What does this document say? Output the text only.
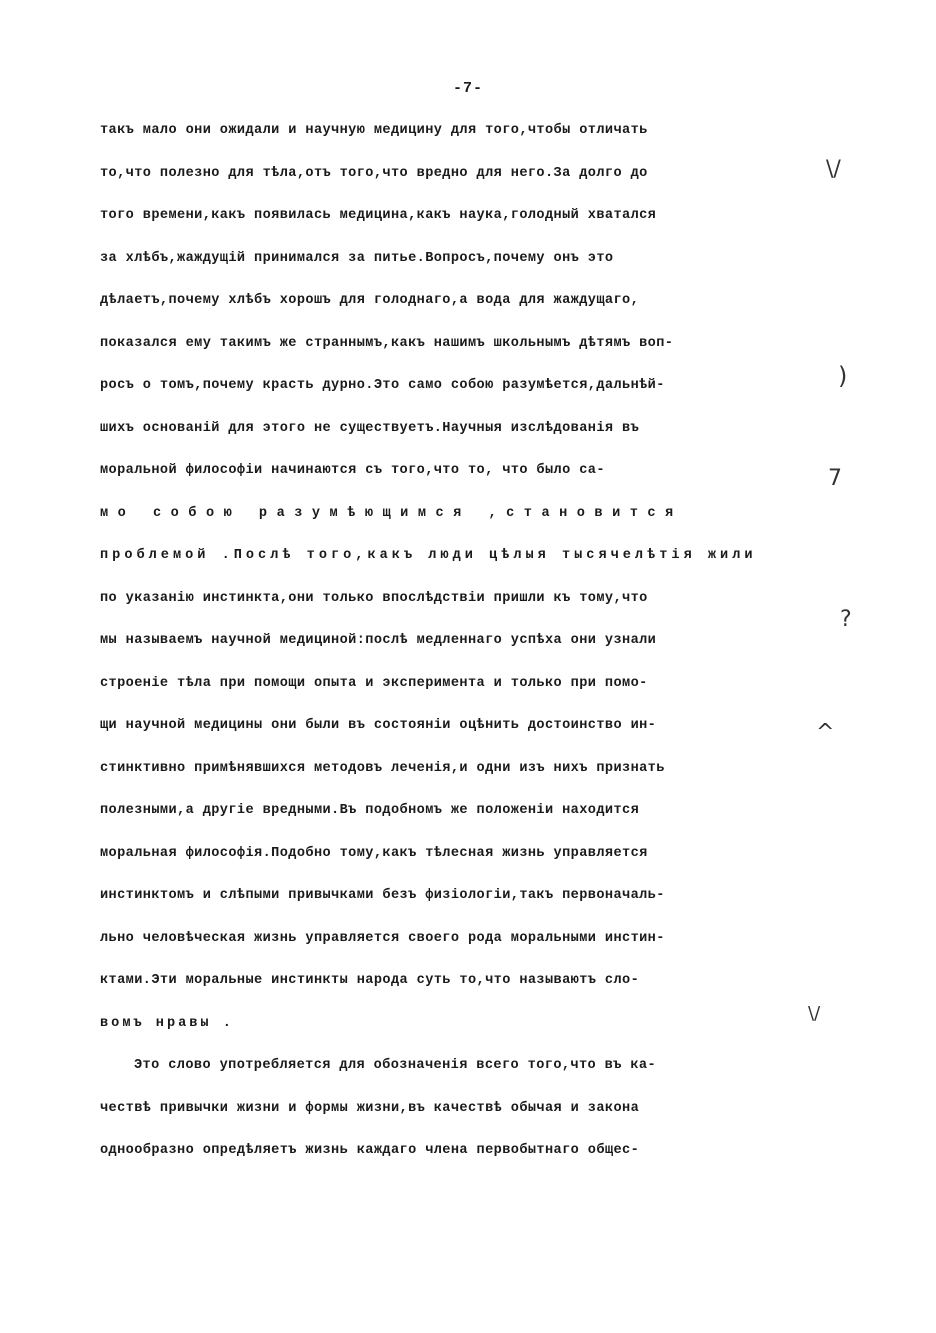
-7-
такъ мало они ожидали и научную медицину для того,чтобы отличать
то,что полезно для тѣла,отъ того,что вредно для него.За долго до
того времени,какъ появилась медицина,какъ наука,голодный хватался
за хлѣбъ,жаждущій принимался за питье.Вопросъ,почему онъ это
дѣлаетъ,почему хлѣбъ хорошъ для голоднаго,а вода для жаждущаго,
показался ему такимъ же страннымъ,какъ нашимъ школьнымъ дѣтямъ воп-
росъ о томъ,почему красть дурно.Это само собою разумѣется,дальнѣй-
шихъ основаній для этого не существуетъ.Научныя изслѣдованія въ
моральной философіи начинаются съ того,что то, что было са-
мо собою разумѣющимся ,становится
проблемой .Послѣ того,какъ люди цѣлыя тысячелѣтія жили
по указанію инстинкта,они только впослѣдствіи пришли къ тому,что
мы называемъ научной медициной:послѣ медленнаго успѣха они узнали
строеніе тѣла при помощи опыта и эксперимента и только при помо-
щи научной медицины они были въ состояніи оцѣнить достоинство ин-
стинктивно примѣнявшихся методовъ леченія,и одни изъ нихъ признать
полезными,а другіе вредными.Въ подобномъ же положеніи находится
моральная философія.Подобно тому,какъ тѣлесная жизнь управляется
инстинктомъ и слѣпыми привычками безъ физіологіи,такъ первоначаль-
льно человѣческая жизнь управляется своего рода моральными инстин-
ктами.Эти моральные инстинкты народа суть то,что называютъ сло-
вомъ нравы .
Это слово употребляется для обозначенія всего того,что въ ка-
чествѣ привычки жизни и формы жизни,въ качествѣ обычая и закона
однообразно опредѣляетъ жизнь каждаго члена первобытнаго общес-
\/
)
7
?
^
\/
